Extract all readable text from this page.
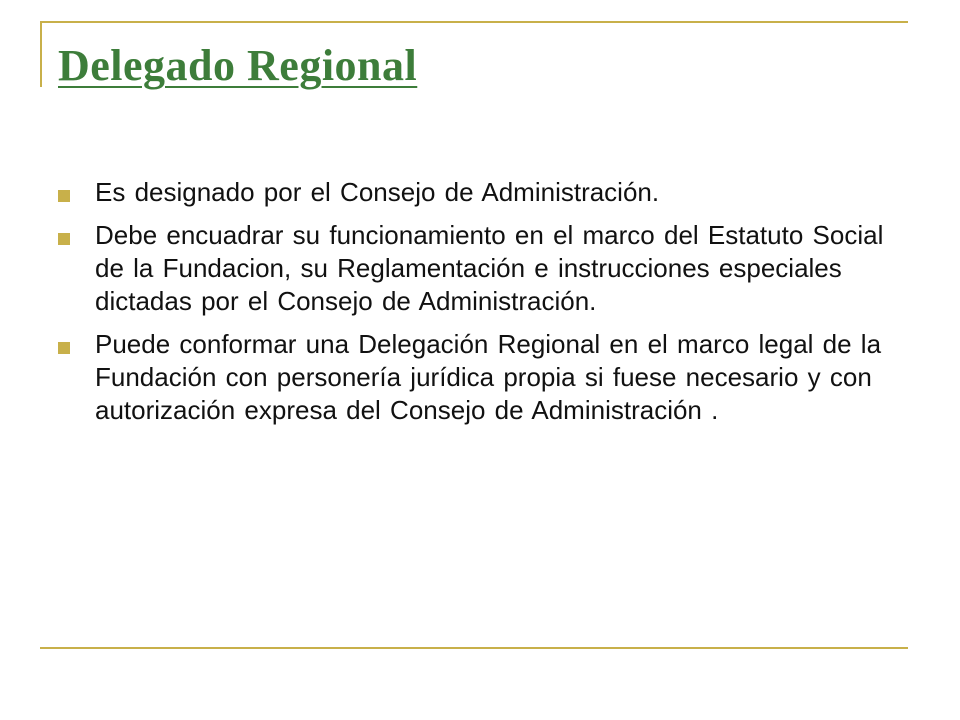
Delegado Regional
Es designado por el Consejo de Administración.
Debe encuadrar su funcionamiento en el marco del Estatuto Social de la Fundacion, su Reglamentación e instrucciones especiales dictadas por el Consejo de Administración.
Puede conformar una Delegación Regional en el marco legal de la Fundación con personería jurídica propia si fuese necesario y con autorización expresa del Consejo de Administración .
